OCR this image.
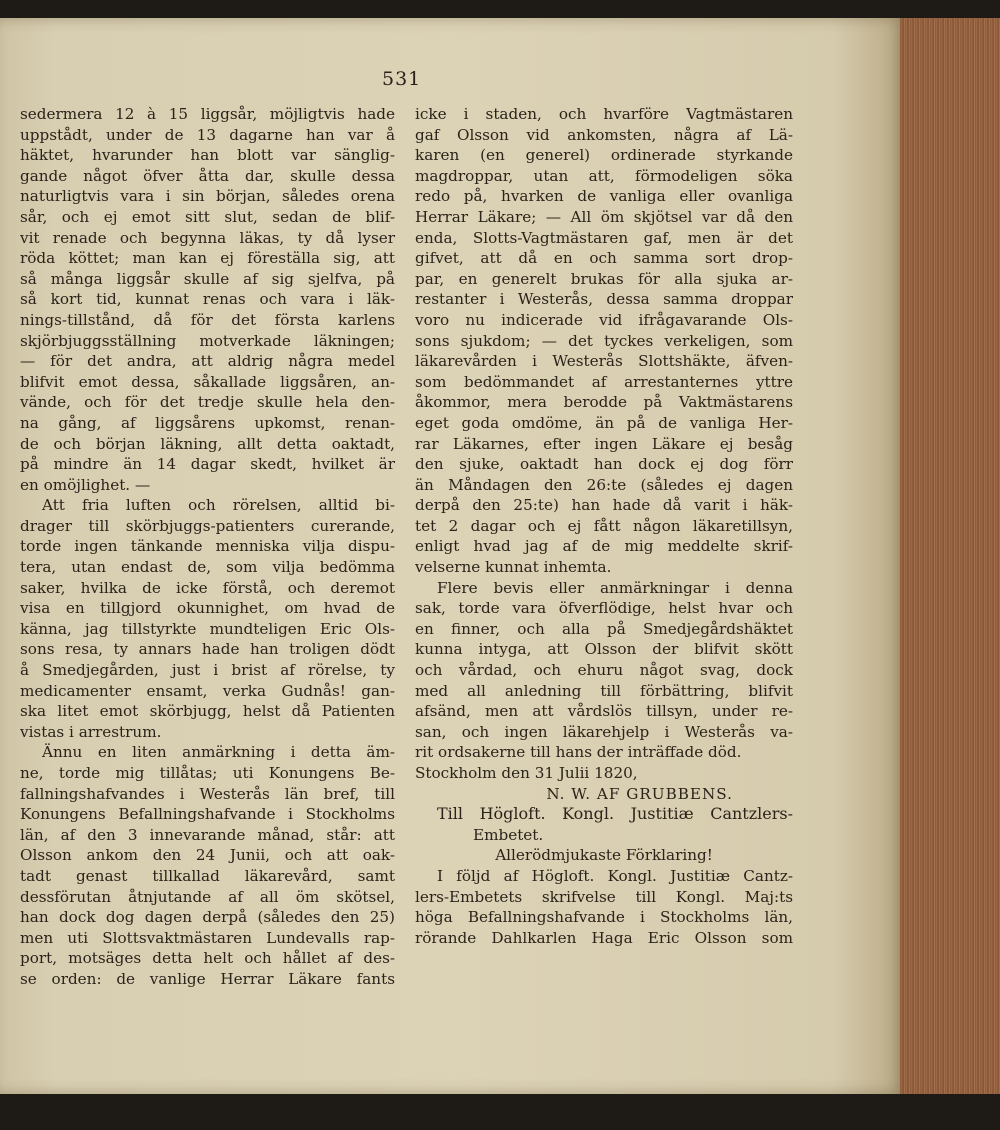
531
sedermera 12 à 15 liggsår, möjligtvis hade
uppstådt, under de 13 dagarne han var å
häktet, hvarunder han blott var sänglig-
gande något öfver åtta dar, skulle dessa
naturligtvis vara i sin början, således orena
sår, och ej emot sitt slut, sedan de blif-
vit renade och begynna läkas, ty då lyser
röda köttet; man kan ej föreställa sig, att
så många liggsår skulle af sig sjelfva, på
så kort tid, kunnat renas och vara i läk-
nings-tillstånd, då för det första karlens
skjörbjuggsställning motverkade läkningen;
— för det andra, att aldrig några medel
blifvit emot dessa, såkallade liggsåren, an-
vände, och för det tredje skulle hela den-
na gång, af liggsårens upkomst, renan-
de och början läkning, allt detta oaktadt,
på mindre än 14 dagar skedt, hvilket är
en omöjlighet. —
Att fria luften och rörelsen, alltid bi-
drager till skörbjuggs-patienters curerande,
torde ingen tänkande menniska vilja dispu-
tera, utan endast de, som vilja bedömma
saker, hvilka de icke förstå, och deremot
visa en tillgjord okunnighet, om hvad de
känna, jag tillstyrkte mundteligen Eric Ols-
sons resa, ty annars hade han troligen dödt
å Smedjegården, just i brist af rörelse, ty
medicamenter ensamt, verka Gudnås! gan-
ska litet emot skörbjugg, helst då Patienten
vistas i arrestrum.
Ännu en liten anmärkning i detta äm-
ne, torde mig tillåtas; uti Konungens Be-
fallningshafvandes i Westerås län bref, till
Konungens Befallningshafvande i Stockholms
län, af den 3 innevarande månad, står: att
Olsson ankom den 24 Junii, och att oak-
tadt genast tillkallad läkarevård, samt
dessförutan åtnjutande af all öm skötsel,
han dock dog dagen derpå (således den 25)
men uti Slottsvaktmästaren Lundevalls rap-
port, motsäges detta helt och hållet af des-
se orden: de vanlige Herrar Läkare fants
icke i staden, och hvarföre Vagtmästaren
gaf Olsson vid ankomsten, några af Lä-
karen (en generel) ordinerade styrkande
magdroppar, utan att, förmodeligen söka
redo på, hvarken de vanliga eller ovanliga
Herrar Läkare; — All öm skjötsel var då den
enda, Slotts-Vagtmästaren gaf, men är det
gifvet, att då en och samma sort drop-
par, en generelt brukas för alla sjuka ar-
restanter i Westerås, dessa samma droppar
voro nu indicerade vid ifrågavarande Ols-
sons sjukdom; — det tyckes verkeligen, som
läkarevården i Westerås Slottshäkte, äfven-
som bedömmandet af arrestanternes yttre
åkommor, mera berodde på Vaktmästarens
eget goda omdöme, än på de vanliga Her-
rar Läkarnes, efter ingen Läkare ej besåg
den sjuke, oaktadt han dock ej dog förr
än Måndagen den 26:te (således ej dagen
derpå den 25:te) han hade då varit i häk-
tet 2 dagar och ej fått någon läkaretillsyn,
enligt hvad jag af de mig meddelte skrif-
velserne kunnat inhemta.
Flere bevis eller anmärkningar i denna
sak, torde vara öfverflödige, helst hvar och
en finner, och alla på Smedjegårdshäktet
kunna intyga, att Olsson der blifvit skött
och vårdad, och ehuru något svag, dock
med all anledning till förbättring, blifvit
afsänd, men att vårdslös tillsyn, under re-
san, och ingen läkarehjelp i Westerås va-
rit ordsakerne till hans der inträffade död.
Stockholm den 31 Julii 1820,
N. W. AF GRUBBENS.
Till Högloft. Kongl. Justitiæ Cantzlers-
Embetet.
Allerödmjukaste Förklaring!
I följd af Högloft. Kongl. Justitiæ Cantz-
lers-Embetets skrifvelse till Kongl. Maj:ts
höga Befallningshafvande i Stockholms län,
rörande Dahlkarlen Haga Eric Olsson som
